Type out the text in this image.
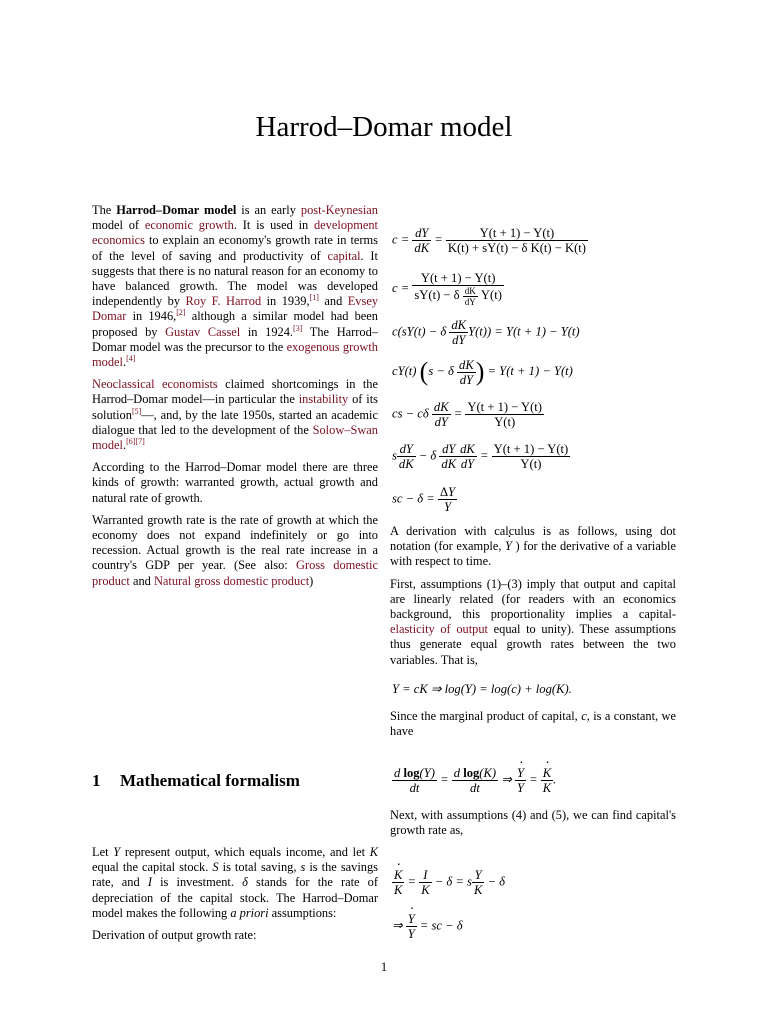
Harrod–Domar model

The Harrod–Domar model is an early post-Keynesian model of economic growth. It is used in development economics to explain an economy's growth rate in terms of the level of saving and productivity of capital. It suggests that there is no natural reason for an economy to have balanced growth. The model was developed independently by Roy F. Harrod in 1939,[1] and Evsey Domar in 1946,[2] although a similar model had been proposed by Gustav Cassel in 1924.[3] The Harrod–Domar model was the precursor to the exogenous growth model.[4]

Neoclassical economists claimed shortcomings in the Harrod–Domar model—in particular the instability of its solution[5]—, and, by the late 1950s, started an academic dialogue that led to the development of the Solow–Swan model.[6][7]

According to the Harrod–Domar model there are three kinds of growth: warranted growth, actual growth and natural rate of growth.

Warranted growth rate is the rate of growth at which the economy does not expand indefinitely or go into recession. Actual growth is the real rate increase in a country's GDP per year. (See also: Gross domestic product and Natural gross domestic product)

1 Mathematical formalism

Let Y represent output, which equals income, and let K equal the capital stock. S is total saving, s is the savings rate, and I is investment. δ stands for the rate of depreciation of the capital stock. The Harrod–Domar model makes the following a priori assumptions:

Derivation of output growth rate:

$c = \frac{dY}{dK} = \frac{Y(t + 1) - Y(t)}{\text{K(t) + sY(t) − δ K(t) − K(t)}}$
$c = \frac{Y(t + 1) - Y(t)}{sY(t) - \delta \frac{dK}{dY} Y(t)}$
c(sY(t) − δ $\frac{dK}{dY} Y(t)) = Y(t + 1) - Y(t)$
cY(t) (s − δ $\frac{dK}{dY}$ ) = Y(t + 1) − Y(t)
cs − cδ $\frac{dK}{dY} = \frac{Y(t + 1) - Y(t)}{Y(t)}$
s $\frac{dY}{dK} - \delta \frac{dY}{dK} \frac{dK}{dY} = \frac{Y(t + 1) - Y(t)}{Y(t)}$
sc − $\delta = \frac{\Delta Y}{Y}$

A derivation with calculus is as follows, using dot notation (for example, · Y ) for the derivative of a variable with respect to time.

First, assumptions (1)–(3) imply that output and capital are linearly related (for readers with an economics background, this proportionality implies a capital-elasticity of output equal to unity). These assumptions thus generate equal growth rates between the two variables. That is,

Y = cK ⇒ log(Y) = log(c) + log(K).

Since the marginal product of capital, c, is a constant, we have

$\frac{\text{d log(Y)}}{dt} = \frac{\text{d log(K)}}{dt}$ ⇒ · $\frac{Y}{Y}$ = · $\frac{K}{K}$ .

Next, with assumptions (4) and (5), we can find capital's growth rate as,

· $\frac{K}{K} = \frac{I}{K} - \delta = s \frac{Y}{K} - \delta$
⇒ · $\frac{Y}{Y}$ = sc − δ
1
